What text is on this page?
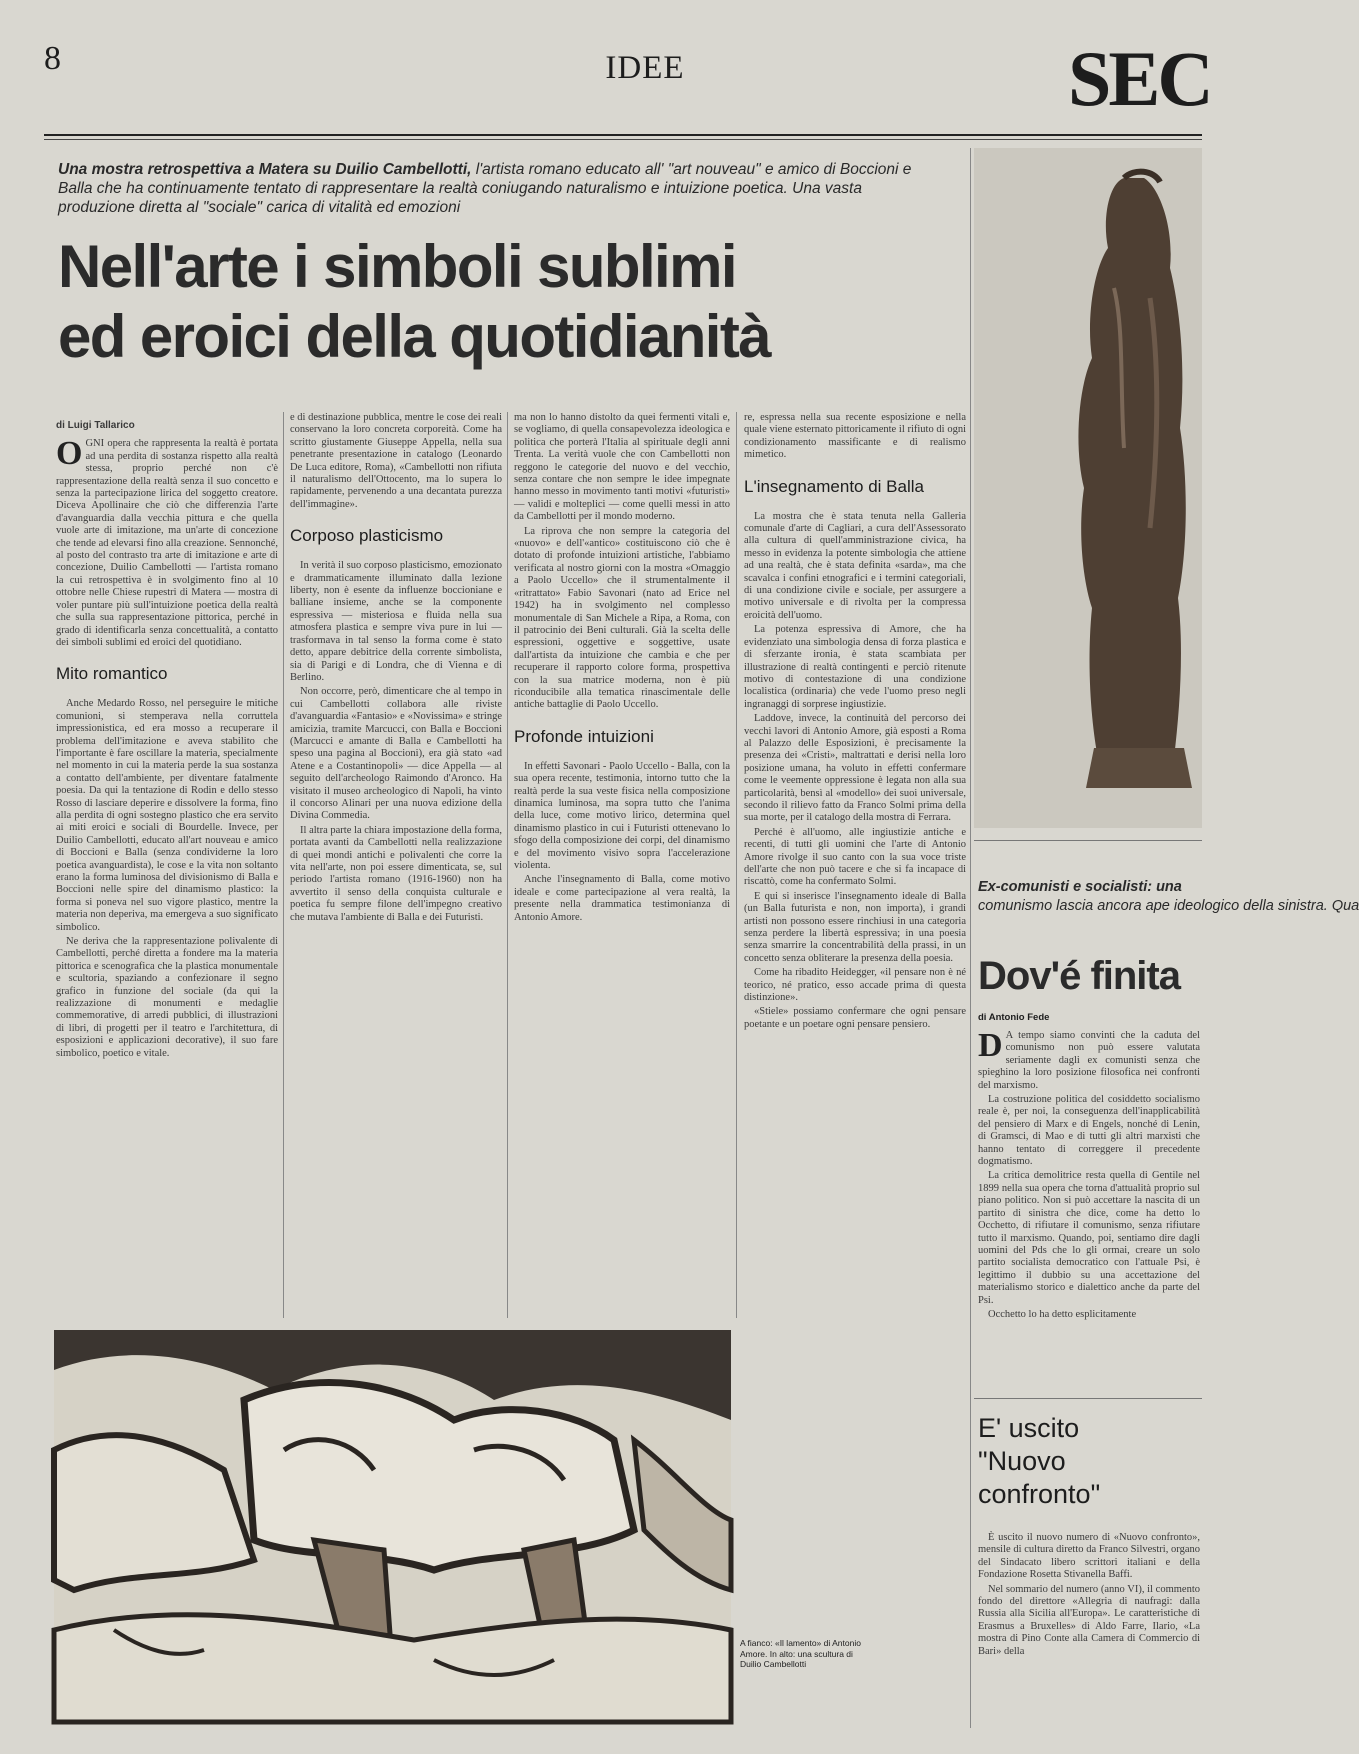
8	IDEE	SEC
Una mostra retrospettiva a Matera su Duilio Cambellotti, l'artista romano educato all' "art nouveau" e amico di Boccioni e Balla che ha continuamente tentato di rappresentare la realtà coniugando naturalismo e intuizione poetica. Una vasta produzione diretta al "sociale" carica di vitalità ed emozioni
Nell'arte i simboli sublimi
ed eroici della quotidianità
di Luigi Tallarico

OGNI opera che rappresenta la realtà è portata ad una perdita di sostanza rispetto alla realtà stessa, proprio perché non c'è rappresentazione della realtà senza il suo concetto e senza la partecipazione lirica del soggetto creatore. Diceva Apollinaire che ciò che differenzia l'arte d'avanguardia dalla vecchia pittura e che quella vuole arte di imitazione, ma un'arte di concezione che tende ad elevarsi fino alla creazione. Sennonché, al posto del contrasto tra arte di imitazione e arte di concezione, Duilio Cambellotti — l'artista romano la cui retrospettiva è in svolgimento fino al 10 ottobre nelle Chiese rupestri di Matera — mostra di voler puntare più sull'intuizione poetica della realtà che sulla sua rappresentazione pittorica, perché in grado di identificarla senza concettualità, a contatto dei simboli sublimi ed eroici del quotidiano.

Mito romantico

Anche Medardo Rosso, nel perseguire le mitiche comunioni, si stemperava nella corruttela impressionistica, ed era mosso a recuperare il problema dell'imitazione e aveva stabilito che l'importante è fare oscillare la materia, specialmente nel momento in cui la materia perde la sua sostanza a contatto dell'ambiente, per diventare fatalmente poesia. Da qui la tentazione di Rodin e dello stesso Rosso di lasciare deperire e dissolvere la forma, fino alla perdita di ogni sostegno plastico che era servito ai miti eroici e sociali di Bourdelle. Invece, per Duilio Cambellotti, educato all'art nouveau e amico di Boccioni e Balla (senza condividerne la loro poetica avanguardista), le cose e la vita non soltanto erano la forma luminosa del divisionismo di Balla e Boccioni nelle spire del dinamismo plastico: la forma si poneva nel suo vigore plastico, mentre la materia non deperiva, ma emergeva a suo significato simbolico.

Ne deriva che la rappresentazione polivalente di Cambellotti, perché diretta a fondere ma la materia pittorica e scenografica che la plastica monumentale e scultoria, spaziando a confezionare il segno grafico in funzione del sociale (da qui la realizzazione di monumenti e medaglie commemorative, di arredi pubblici, di illustrazioni di libri, di progetti per il teatro e l'architettura, di esposizioni e applicazioni decorative), il suo fare simbolico, poetico e vitale.

e di destinazione pubblica, mentre le cose dei reali conservano la loro concreta corporeità. Come ha scritto giustamente Giuseppe Appella, nella sua penetrante presentazione in catalogo (Leonardo De Luca editore, Roma), «Cambellotti non rifiuta il naturalismo dell'Ottocento, ma lo supera lo rapidamente, pervenendo a una decantata purezza dell'immagine».

Corposo plasticismo

In verità il suo corposo plasticismo, emozionato e drammaticamente illuminato dalla lezione liberty, non è esente da influenze boccioniane e balliane insieme, anche se la componente espressiva — misteriosa e fluida nella sua atmosfera plastica e sempre viva pure in lui — trasformava in tal senso la forma come è stato detto, appare debitrice della corrente simbolista, sia di Parigi e di Londra, che di Vienna e di Berlino.

Non occorre, però, dimenticare che al tempo in cui Cambellotti collabora alle riviste d'avanguardia «Fantasio» e «Novissima» e stringe amicizia, tramite Marcucci, con Balla e Boccioni (Marcucci e amante di Balla e Cambellotti ha speso una pagina al Boccioni), era già stato «ad Atene e a Costantinopoli» — dice Appella — al seguito dell'archeologo Raimondo d'Aronco. Ha visitato il museo archeologico di Napoli, ha vinto il concorso Alinari per una nuova edizione della Divina Commedia.

Il altra parte la chiara impostazione della forma, portata avanti da Cambellotti nella realizzazione di quei mondi antichi e polivalenti che corre la vita nell'arte, non poi essere dimenticata, se, sul periodo l'artista romano (1916-1960) non ha avvertito il senso della conquista culturale e poetica fu sempre filone dell'impegno creativo che mutava l'ambiente di Balla e dei Futuristi.

ma non lo hanno distolto da quei fermenti vitali e, se vogliamo, di quella consapevolezza ideologica e politica che porterà l'Italia al spirituale degli anni Trenta. La verità vuole che con Cambellotti non reggono le categorie del nuovo e del vecchio, senza contare che non sempre le idee impegnate hanno messo in movimento tanti motivi «futuristi» — validi e molteplici — come quelli messi in atto da Cambellotti per il mondo moderno.

La riprova che non sempre la categoria del «nuovo» e dell'«antico» costituiscono ciò che è dotato di profonde intuizioni artistiche, l'abbiamo verificata al nostro giorni con la mostra «Omaggio a Paolo Uccello» che il strumentalmente il «ritrattato» Fabio Savonari (nato ad Erice nel 1942) ha in svolgimento nel complesso monumentale di San Michele a Ripa, a Roma, con il patrocinio dei Beni culturali. Già la scelta delle espressioni, oggettive e soggettive, usate dall'artista da intuizione che cambia e che per recuperare il rapporto colore forma, prospettiva con la sua matrice moderna, non è più riconducibile alla tematica rinascimentale delle antiche battaglie di Paolo Uccello.

Profonde intuizioni

In effetti Savonari - Paolo Uccello - Balla, con la sua opera recente, testimonia, intorno tutto che la realtà perde la sua veste fisica nella composizione dinamica luminosa, ma sopra tutto che l'anima della luce, come motivo lirico, determina quel dinamismo plastico in cui i Futuristi ottenevano lo sfogo della composizione dei corpi, del dinamismo e del movimento visivo sopra l'accelerazione violenta.

Anche l'insegnamento di Balla, come motivo ideale e come partecipazione al vera realtà, la presente nella drammatica testimonianza di Antonio Amore.

re, espressa nella sua recente esposizione e nella quale viene esternato pittoricamente il rifiuto di ogni condizionamento massificante e di realismo mimetico.

L'insegnamento di Balla

La mostra che è stata tenuta nella Galleria comunale d'arte di Cagliari, a cura dell'Assessorato alla cultura di quell'amministrazione civica, ha messo in evidenza la potente simbologia che attiene ad una realtà, che è stata definita «sarda», ma che scavalca i confini etnografici e i termini categoriali, di una condizione civile e sociale, per assurgere a motivo universale e di rivolta per la compressa eroicità dell'uomo.

La potenza espressiva di Amore, che ha evidenziato una simbologia densa di forza plastica e di sferzante ironia, è stata scambiata per illustrazione di realtà contingenti e perciò ritenute motivo di contestazione di una condizione localistica (ordinaria) che vede l'uomo preso negli ingranaggi di sorprese ingiustizie.

Laddove, invece, la continuità del percorso dei vecchi lavori di Antonio Amore, già esposti a Roma al Palazzo delle Esposizioni, è precisamente la presenza dei «Cristi», maltrattati e derisi nella loro posizione umana, ha voluto in effetti confermare come le veemente oppressione è legata non alla sua particolarità, bensì al «modello» dei suoi universale, secondo il rilievo fatto da Franco Solmi prima della sua morte, per il catalogo della mostra di Ferrara.

Perché è all'uomo, alle ingiustizie antiche e recenti, di tutti gli uomini che l'arte di Antonio Amore rivolge il suo canto con la sua voce triste dell'arte che non può tacere e che si fa incapace di riscattò, come ha confermato Solmi.

E qui si inserisce l'insegnamento ideale di Balla (un Balla futurista e non, non importa), i grandi artisti non possono essere rinchiusi in una categoria senza perdere la libertà espressiva; in una poesia senza smarrire la concentrabilità della prassi, in un concetto senza obliterare la presenza della poesia.

Come ha ribadito Heidegger, «il pensare non è né teorico, né pratico, esso accade prima di questa distinzione».

«Stiele» possiamo confermare che ogni pensare poetante e un poetare ogni pensare pensiero.

A fianco: «Il lamento» di Antonio Amore. In alto: una scultura di Duilio Cambellotti
Ex-comunisti e socialisti: una
comunismo lascia ancora ape ideologico della sinistra. Qua
Dov'é finita
di Antonio Fede

D A tempo siamo convinti che la caduta del comunismo non può essere valutata seriamente dagli ex comunisti senza che spieghino la loro posizione filosofica nei confronti del marxismo.

La costruzione politica del cosiddetto socialismo reale è, per noi, la conseguenza dell'inapplicabilità del pensiero di Marx e di Engels, nonché di Lenin, di Gramsci, di Mao e di tutti gli altri marxisti che hanno tentato di correggere il precedente dogmatismo.

La critica demolitrice resta quella di Gentile nel 1899 nella sua opera che torna d'attualità proprio sul piano politico. Non si può accettare la nascita di un partito di sinistra che dice, come ha detto lo Occhetto, di rifiutare il comunismo, senza rifiutare tutto il marxismo. Quando, poi, sentiamo dire dagli uomini del Pds che lo gli ormai, creare un solo partito socialista democratico con l'attuale Psi, è legittimo il dubbio su una accettazione del materialismo storico e dialettico anche da parte del Psi.

Occhetto lo ha detto esplicitamente

E' uscito
"Nuovo
confronto"

È uscito il nuovo numero di «Nuovo confronto», mensile di cultura diretto da Franco Silvestri, organo del Sindacato libero scrittori italiani e della Fondazione Rosetta Stivanella Baffi.

Nel sommario del numero (anno VI), il commento fondo del direttore «Allegria di naufragi: dalla Russia alla Sicilia all'Europa». Le caratteristiche di Erasmus a Bruxelles» di Aldo Farre, Ilario, «La mostra di Pino Conte alla Camera di Commercio di Bari» della
